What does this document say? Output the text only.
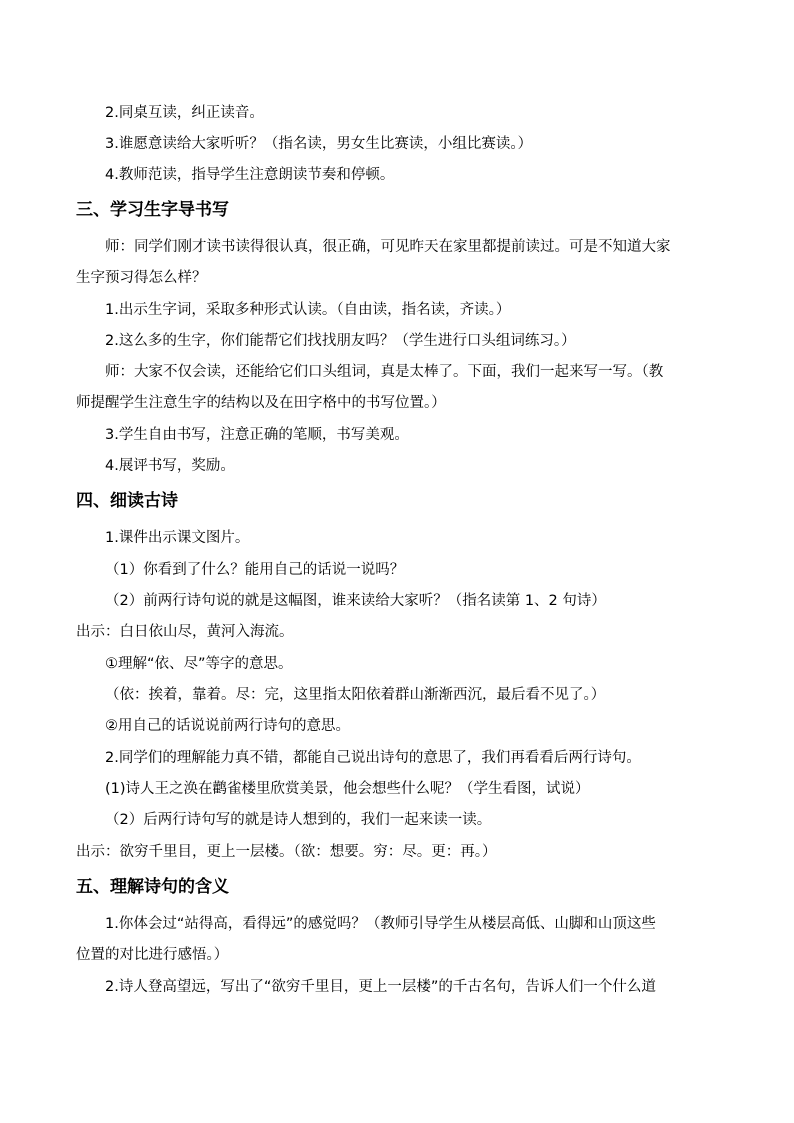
2.同桌互读，纠正读音。
3.谁愿意读给大家听听？（指名读，男女生比赛读，小组比赛读。）
4.教师范读，指导学生注意朗读节奏和停顿。
三、学习生字导书写
师：同学们刚才读书读得很认真，很正确，可见昨天在家里都提前读过。可是不知道大家
生字预习得怎么样？
1.出示生字词，采取多种形式认读。（自由读，指名读，齐读。）
2.这么多的生字，你们能帮它们找找朋友吗？（学生进行口头组词练习。）
师：大家不仅会读，还能给它们口头组词，真是太棒了。下面，我们一起来写一写。（教
师提醒学生注意生字的结构以及在田字格中的书写位置。）
3.学生自由书写，注意正确的笔顺，书写美观。
4.展评书写，奖励。
四、细读古诗
1.课件出示课文图片。
（1）你看到了什么？能用自己的话说一说吗？
（2）前两行诗句说的就是这幅图，谁来读给大家听？（指名读第 1、2 句诗）
出示：白日依山尽，黄河入海流。
①理解“依、尽”等字的意思。
（依：挨着，靠着。尽：完，这里指太阳依着群山渐渐西沉，最后看不见了。）
②用自己的话说说前两行诗句的意思。
2.同学们的理解能力真不错，都能自己说出诗句的意思了，我们再看看后两行诗句。
(1)诗人王之涣在鹳雀楼里欣赏美景，他会想些什么呢？（学生看图，试说）
（2）后两行诗句写的就是诗人想到的，我们一起来读一读。
出示：欲穷千里目，更上一层楼。（欲：想要。穷：尽。更：再。）
五、理解诗句的含义
1.你体会过“站得高，看得远”的感觉吗？（教师引导学生从楼层高低、山脚和山顶这些
位置的对比进行感悟。）
2.诗人登高望远，写出了“欲穷千里目，更上一层楼”的千古名句，告诉人们一个什么道
